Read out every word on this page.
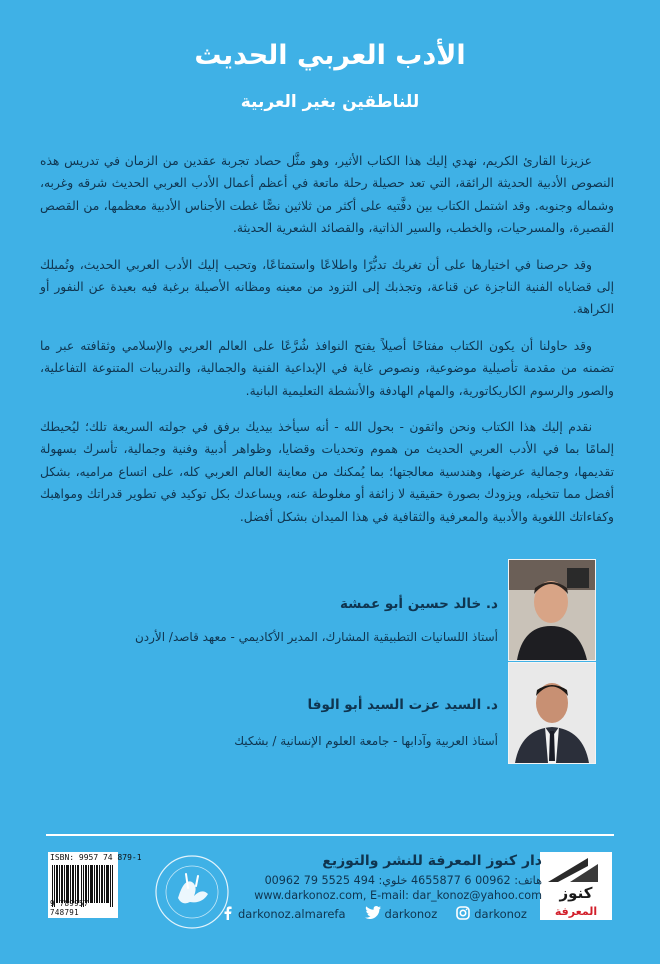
الأدب العربي الحديث
للناطقين بغير العربية

عزيزنا القارئ الكريم، نهدي إليك هذا الكتاب الأثير، وهو مثَّل حصاد تجربة عقدين من الزمان في تدريس هذه النصوص الأدبية الحديثة الرائقة، التي تعد حصيلة رحلة ماتعة في أعظم أعمال الأدب العربي الحديث شرقه وغربه، وشماله وجنوبه. وقد اشتمل الكتاب بين دفَّتيه على أكثر من ثلاثين نصًّا غطت الأجناس الأدبية معظمها، من القصص القصيرة، والمسرحيات، والخطب، والسير الذاتية، والقصائد الشعرية الحديثة.

وقد حرصنا في اختيارها على أن تغريك تدبُّرًا واطلاعًا واستمتاعًا، وتحبب إليك الأدب العربي الحديث، وتُميلك إلى قضاياه الفنية الناجزة عن قناعة، وتجذبك إلى التزود من معينه ومظانه الأصيلة برغبة فيه بعيدة عن النفور أو الكراهة.

وقد حاولنا أن يكون الكتاب مفتاحًا أصيلاً يفتح النوافذ شُرَّعًا على العالم العربي والإسلامي وثقافته عبر ما تضمنه من مقدمة تأصيلية موضوعية، ونصوص غاية في الإبداعية الفنية والجمالية، والتدريبات المتنوعة التفاعلية، والصور والرسوم الكاريكاتورية، والمهام الهادفة والأنشطة التعليمية البانية.

نقدم إليك هذا الكتاب ونحن واثقون - بحول الله - أنه سيأخذ بيديك برفق في جولته السريعة تلك؛ ليُحيطك إلمامًا بما في الأدب العربي الحديث من هموم وتحديات وقضايا، وظواهر أدبية وفنية وجمالية، تأسرك بسهولة تقديمها، وجمالية عرضها، وهندسية معالجتها؛ بما يُمكنك من معاينة العالم العربي كله، على اتساع مراميه، بشكل أفضل مما تتخيله، ويزودك بصورة حقيقية لا زائفة أو مغلوطة عنه، ويساعدك بكل توكيد في تطوير قدراتك ومواهبك وكفاءاتك اللغوية والأدبية والمعرفية والثقافية في هذا الميدان بشكل أفضل.

د. خالد حسين أبو عمشة
أستاذ اللسانيات التطبيقية المشارك، المدير الأكاديمي - معهد قاصد/ الأردن
د. السيد عزت السيد أبو الوفا
أستاذ العربية وآدابها - جامعة العلوم الإنسانية / بشكيك
كنوز
المعرفة
دار كنوز المعرفة للنشر والتوزيع
هاتف: 00962 6 4655877 خلوي: 494 5525 79 00962
www.darkonoz.com, E-mail: dar_konoz@yahoo.com
darkonoz.almarefa	darkonoz	darkonoz
ISBN: 9957 74 879-1
9 789957 748791
